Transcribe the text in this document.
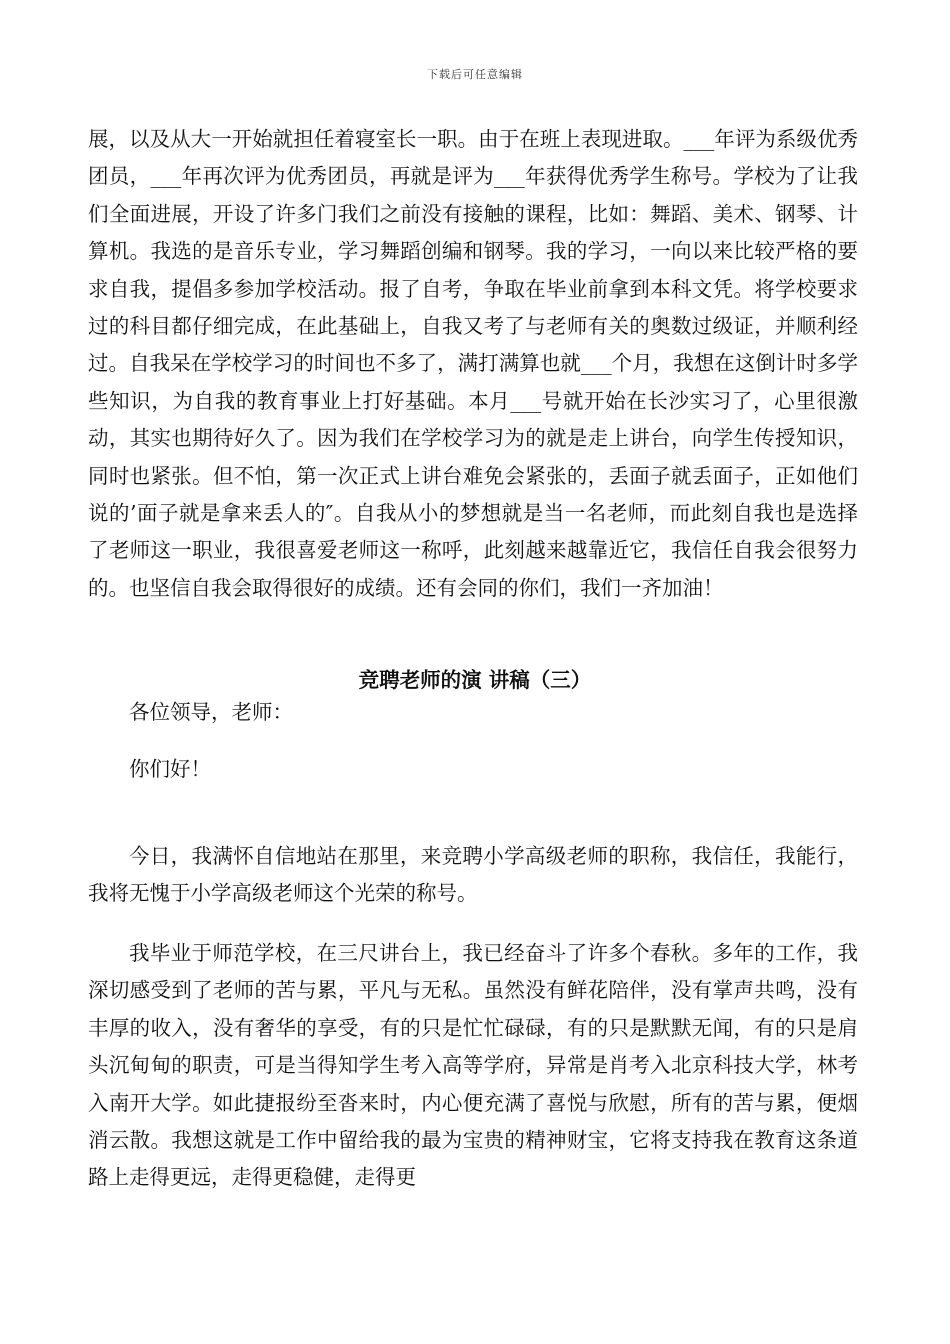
下载后可任意编辑

展，以及从大一开始就担任着寝室长一职。由于在班上表现进取。___年评为系级优秀团员，___年再次评为优秀团员，再就是评为___年获得优秀学生称号。学校为了让我们全面进展，开设了许多门我们之前没有接触的课程，比如：舞蹈、美术、钢琴、计算机。我选的是音乐专业，学习舞蹈创编和钢琴。我的学习，一向以来比较严格的要求自我，提倡多参加学校活动。报了自考，争取在毕业前拿到本科文凭。将学校要求过的科目都仔细完成，在此基础上，自我又考了与老师有关的奥数过级证，并顺利经过。自我呆在学校学习的时间也不多了，满打满算也就___个月，我想在这倒计时多学些知识，为自我的教育事业上打好基础。本月___号就开始在长沙实习了，心里很激动，其实也期待好久了。因为我们在学校学习为的就是走上讲台，向学生传授知识，同时也紧张。但不怕，第一次正式上讲台难免会紧张的，丢面子就丢面子，正如他们说的’面子就是拿来丢人的″。自我从小的梦想就是当一名老师，而此刻自我也是选择了老师这一职业，我很喜爱老师这一称呼，此刻越来越靠近它，我信任自我会很努力的。也坚信自我会取得很好的成绩。还有会同的你们，我们一齐加油！

竞聘老师的演 讲稿（三）

各位领导，老师：

你们好！

今日，我满怀自信地站在那里，来竞聘小学高级老师的职称，我信任，我能行，我将无愧于小学高级老师这个光荣的称号。

我毕业于师范学校，在三尺讲台上，我已经奋斗了许多个春秋。多年的工作，我深切感受到了老师的苦与累，平凡与无私。虽然没有鲜花陪伴，没有掌声共鸣，没有丰厚的收入，没有奢华的享受，有的只是忙忙碌碌，有的只是默默无闻，有的只是肩头沉甸甸的职责，可是当得知学生考入高等学府，异常是肖考入北京科技大学，林考入南开大学。如此捷报纷至沓来时，内心便充满了喜悦与欣慰，所有的苦与累，便烟消云散。我想这就是工作中留给我的最为宝贵的精神财宝，它将支持我在教育这条道路上走得更远，走得更稳健，走得更
